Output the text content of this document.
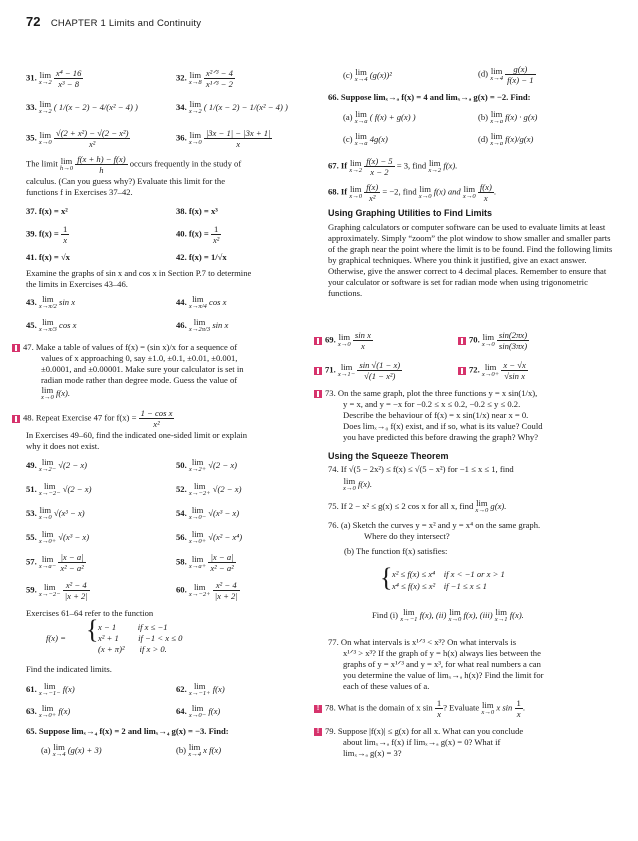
72 CHAPTER 1 Limits and Continuity
31. lim
x→2
$\frac{\text{x⁴ − 16}}{\text{x³ − 8}}$	32. lim
x→8
$\frac{\text{x²ᐟ³ − 4}}{\text{x¹ᐟ³ − 2}}$
33. lim
x→2 ( 1/(x − 2) − 4/(x² − 4) )	34. lim
x→2 ( 1/(x − 2) − 1/(x² − 4) )
35. lim
x→0
$\frac{\text{√(2 + x²) − √(2 − x²)}}{\text{x²}}$	36. lim
x→0
$\frac{|3x - 1| - |3x + 1|}{x}$
The limit lim
h→0
$\frac{f(x + h) - f(x)}{h}$ occurs frequently in the study of
calculus. (Can you guess why?) Evaluate this limit for the
functions f in Exercises 37–42.
37. f(x) = x²	38. f(x) = x³
39. $f(x) = \frac{1}{x}$	40. $f(x) = \frac{1}{\text{x²}}$
41. f(x) = √x	42. f(x) = 1/√x
Examine the graphs of sin x and cos x in Section P.7 to determine
the limits in Exercises 43–46.
43. lim
x→π/2 sin x	44. lim
x→π/4 cos x
45. lim
x→π/3 cos x	46. lim
x→2π/3 sin x
47. Make a table of values of f(x) = (sin x)/x for a sequence of
values of x approaching 0, say ±1.0, ±0.1, ±0.01, ±0.001,
±0.0001, and ±0.00001. Make sure your calculator is set in
radian mode rather than degree mode. Guess the value of
lim
x→0 f(x).
48. Repeat Exercise 47 for $f(x) = \frac{\text{1 − cos x}}{\text{x²}}$
In Exercises 49–60, find the indicated one-sided limit or explain
why it does not exist.
49. lim
x→2− √(2 − x)	50. lim
x→2+ √(2 − x)
51. lim
x→−2− √(2 − x)	52. lim
x→−2+ √(2 − x)
53. lim
x→0 √(x³ − x)	54. lim
x→0− √(x³ − x)
55. lim
x→0+ √(x³ − x)	56. lim
x→0+ √(x² − x⁴)
57. lim
x→a−
$\frac{|x - a|}{\text{x² − a²}}$	58. lim
x→a+
$\frac{|x - a|}{\text{x² − a²}}$
59. lim
x→−2−
$\frac{\text{x² − 4}}{|x + 2|}$	60. lim
x→−2+
$\frac{\text{x² − 4}}{|x + 2|}$
Exercises 61–64 refer to the function
f(x) = { x − 1          if x ≤ −1
x² + 1         if −1 < x ≤ 0
(x + π)²       if x > 0.
Find the indicated limits.
61. lim
x→−1− f(x)	62. lim
x→−1+ f(x)
63. lim
x→0+ f(x)	64. lim
x→0− f(x)
65. Suppose limₓ→₄ f(x) = 2 and limₓ→₄ g(x) = −3. Find:
(a) lim
x→4 (g(x) + 3)	(b) lim
x→4 x f(x)
(c) lim
x→4 (g(x))²	(d) lim
x→4
$\frac{g(x)}{f(x) - 1}$
66. Suppose limₓ→ₐ f(x) = 4 and limₓ→ₐ g(x) = −2. Find:
(a) lim
x→a ( f(x) + g(x) )	(b) lim
x→a f(x) · g(x)
(c) lim
x→a 4g(x)	(d) lim
x→a f(x)/g(x)
67. If lim
x→2
$\frac{f(x) - 5}{x - 2} = 3$, find lim
x→2 f(x).
68. If lim
x→0
$\frac{f(x)}{\text{x²}} = -2$, find lim
x→0 f(x) and lim
x→0
$\frac{f(x)}{x}$ .
Using Graphing Utilities to Find Limits
Graphing calculators or computer software can be used to evaluate limits at least approximately. Simply “zoom” the plot window to show smaller and smaller parts of the graph near the point where the limit is to be found. Find the following limits by graphical techniques. Where you think it justified, give an exact answer. Otherwise, give the answer correct to 4 decimal places. Remember to ensure that your calculator or software is set for radian mode when using trigonometric functions.
69. lim
x→0
$\frac{\text{sin x}}{x}$	70. lim
x→0
$\frac{\sin(2\pi x)}{\sin(3\pi x)}$
71. lim
x→1−
$\frac{\sin √(1 - x)}{\text{√(1 − x²)}}$	72. lim
x→0+
$\frac{x - √x}{\text{√sin x}}$
73. On the same graph, plot the three functions y = x sin(1/x),
y = x, and y = −x for −0.2 ≤ x ≤ 0.2, −0.2 ≤ y ≤ 0.2.
Describe the behaviour of f(x) = x sin(1/x) near x = 0.
Does limₓ→₀ f(x) exist, and if so, what is its value? Could
you have predicted this before drawing the graph? Why?
Using the Squeeze Theorem
74. If √(5 − 2x²) ≤ f(x) ≤ √(5 − x²) for −1 ≤ x ≤ 1, find
lim
x→0 f(x).
75. If 2 − x² ≤ g(x) ≤ 2 cos x for all x, find lim
x→0 g(x).
76. (a) Sketch the curves y = x² and y = x⁴ on the same graph.
Where do they intersect?
(b) The function f(x) satisfies:
{ x² ≤ f(x) ≤ x⁴    if x < −1 or x > 1
x⁴ ≤ f(x) ≤ x²    if −1 ≤ x ≤ 1
Find (i) lim
x→−1 f(x), (ii) lim
x→0 f(x), (iii) lim
x→1 f(x).
77. On what intervals is x¹ᐟ³ < x³? On what intervals is
x¹ᐟ³ > x³? If the graph of y = h(x) always lies between the
graphs of y = x¹ᐟ³ and y = x³, for what real numbers a can
you determine the value of limₓ→ₐ h(x)? Find the limit for
each of these values of a.
! 78. What is the domain of x $\sin \frac{1}{x}$ ? Evaluate lim
x→0 x $\sin \frac{1}{x}$ .
! 79. Suppose |f(x)| ≤ g(x) for all x. What can you conclude
about limₓ→ₐ f(x) if limₓ→ₐ g(x) = 0? What if
limₓ→ₐ g(x) = 3?
